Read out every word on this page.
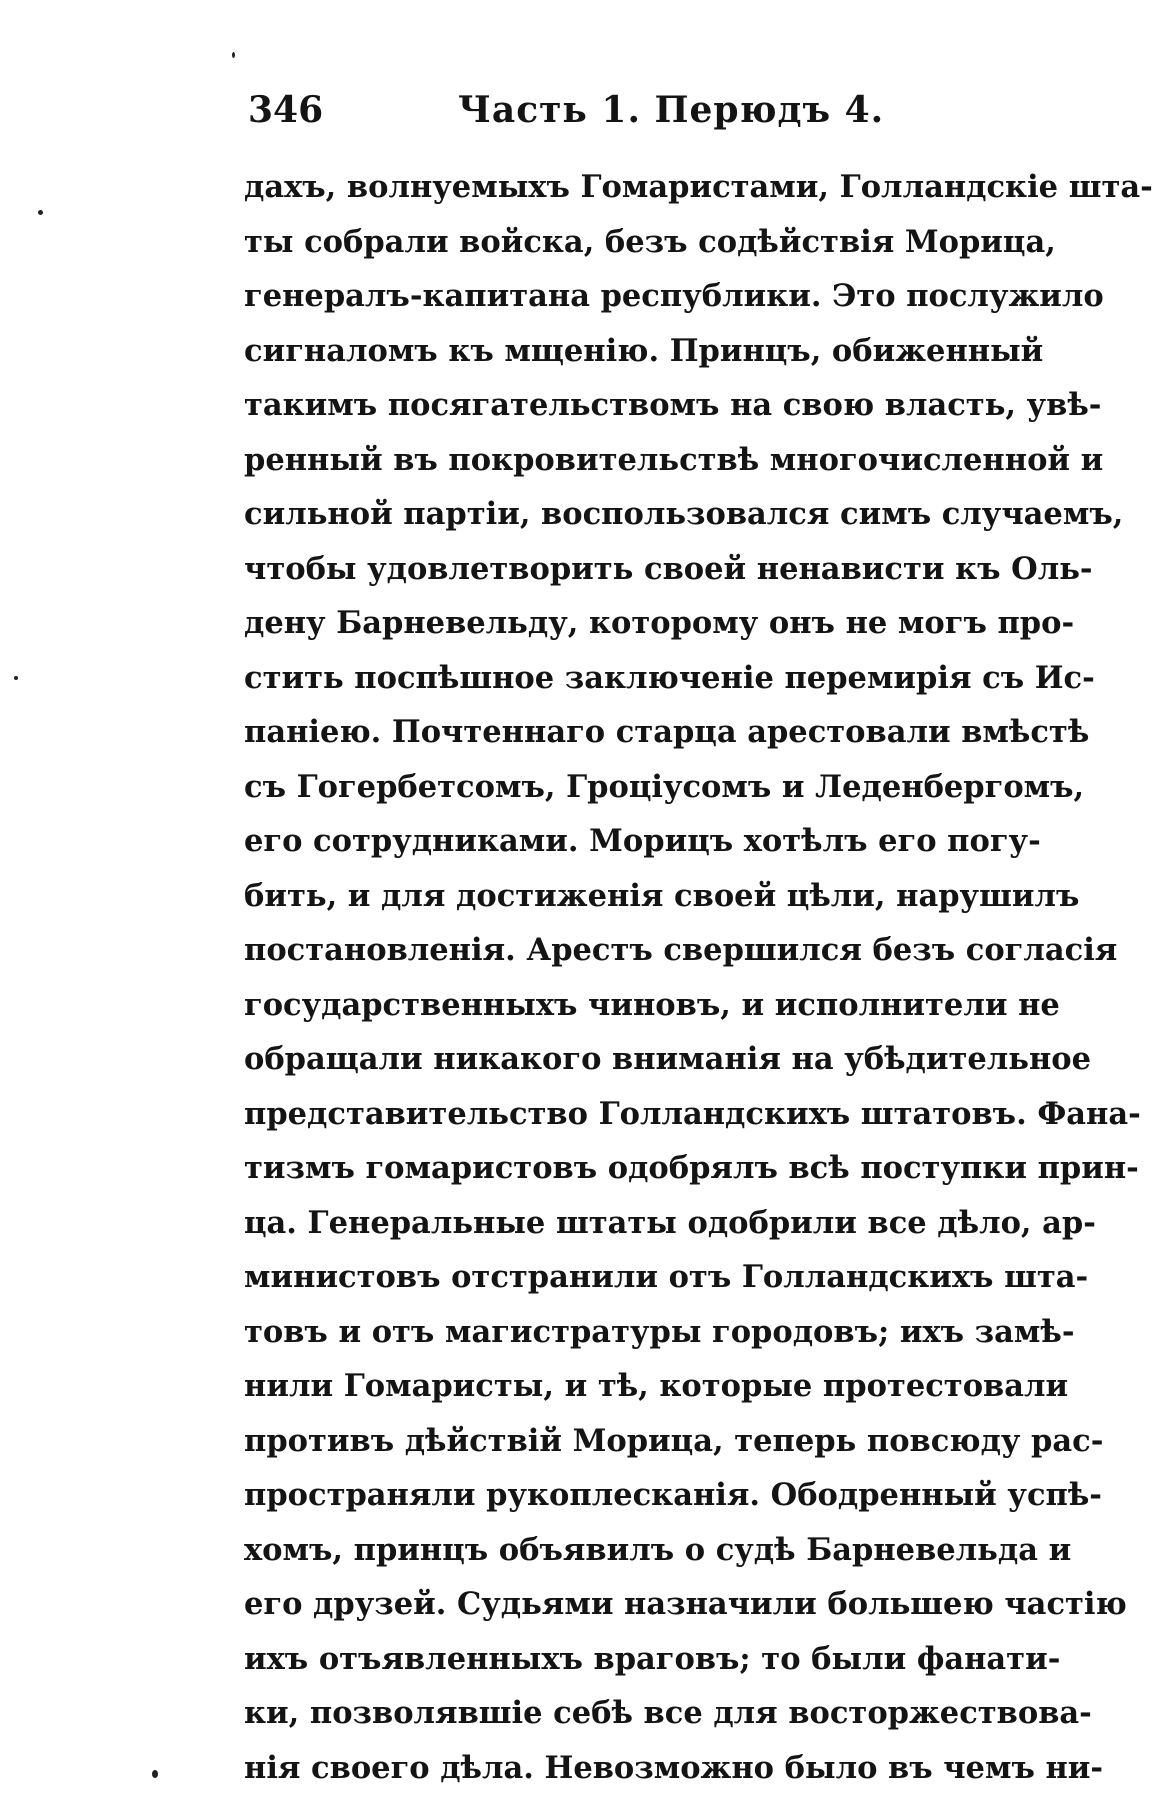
346	Часть 1. Перюдъ 4.
дахъ, волнуемыхъ Гомаристами, Голландскіе шта-
ты собрали войска, безъ содѣйствія Морица,
генералъ-капитана республики. Это послужило
сигналомъ къ мщенію. Принцъ, обиженный
такимъ посягательствомъ на свою власть, увѣ-
ренный въ покровительствѣ многочисленной и
сильной партіи, воспользовался симъ случаемъ,
чтобы удовлетворить своей ненависти къ Оль-
дену Барневельду, которому онъ не могъ про-
стить поспѣшное заключеніе перемирія съ Ис-
паніею. Почтеннаго старца арестовали вмѣстѣ
съ Гогербетсомъ, Гроціусомъ и Леденбергомъ,
его сотрудниками. Морицъ хотѣлъ его погу-
бить, и для достиженія своей цѣли, нарушилъ
постановленія. Арестъ свершился безъ согласія
государственныхъ чиновъ, и исполнители не
обращали никакого вниманія на убѣдительное
представительство Голландскихъ штатовъ. Фана-
тизмъ гомаристовъ одобрялъ всѣ поступки прин-
ца. Генеральные штаты одобрили все дѣло, ар-
министовъ отстранили отъ Голландскихъ шта-
товъ и отъ магистратуры городовъ; ихъ замѣ-
нили Гомаристы, и тѣ, которые протестовали
противъ дѣйствій Морица, теперь повсюду рас-
пространяли рукоплесканія. Ободренный успѣ-
хомъ, принцъ объявилъ о судѣ Барневельда и
его друзей. Судьями назначили большею частію
ихъ отъявленныхъ враговъ; то были фанати-
ки, позволявшіе себѣ все для восторжествова-
нія своего дѣла. Невозможно было въ чемъ ни-
